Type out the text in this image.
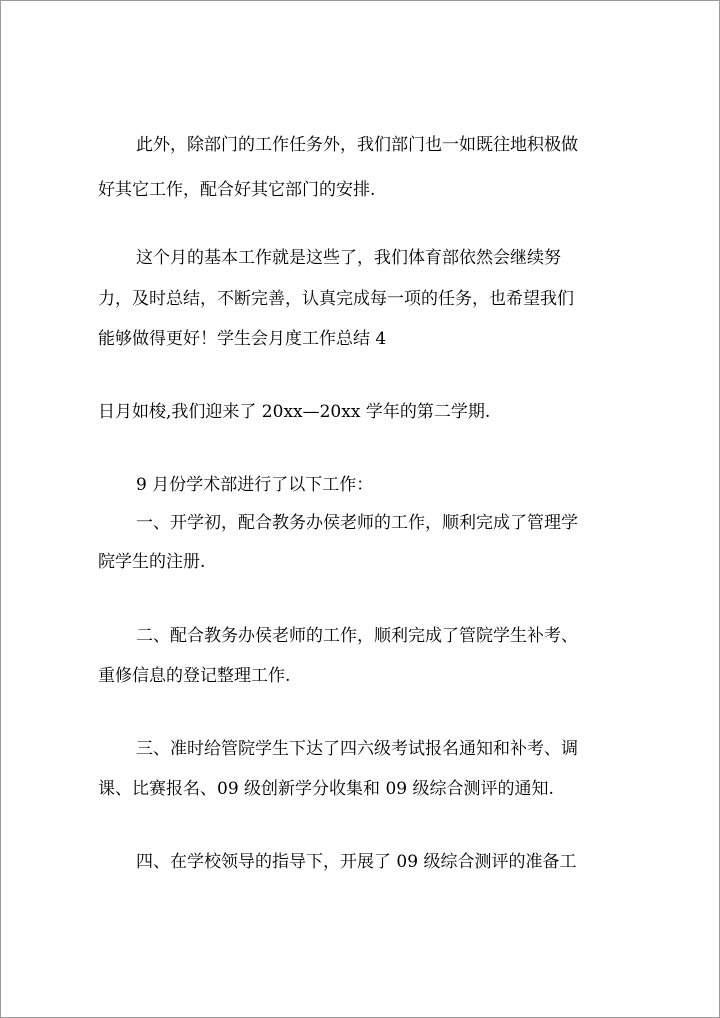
此外，除部门的工作任务外，我们部门也一如既往地积极做
好其它工作，配合好其它部门的安排.
这个月的基本工作就是这些了，我们体育部依然会继续努
力，及时总结，不断完善，认真完成每一项的任务，也希望我们
能够做得更好！学生会月度工作总结 4
日月如梭,我们迎来了 20xx—20xx 学年的第二学期.
9 月份学术部进行了以下工作：
一、开学初，配合教务办侯老师的工作，顺利完成了管理学
院学生的注册.
二、配合教务办侯老师的工作，顺利完成了管院学生补考、
重修信息的登记整理工作.
三、准时给管院学生下达了四六级考试报名通知和补考、调
课、比赛报名、09 级创新学分收集和 09 级综合测评的通知.
四、在学校领导的指导下，开展了 09 级综合测评的准备工
